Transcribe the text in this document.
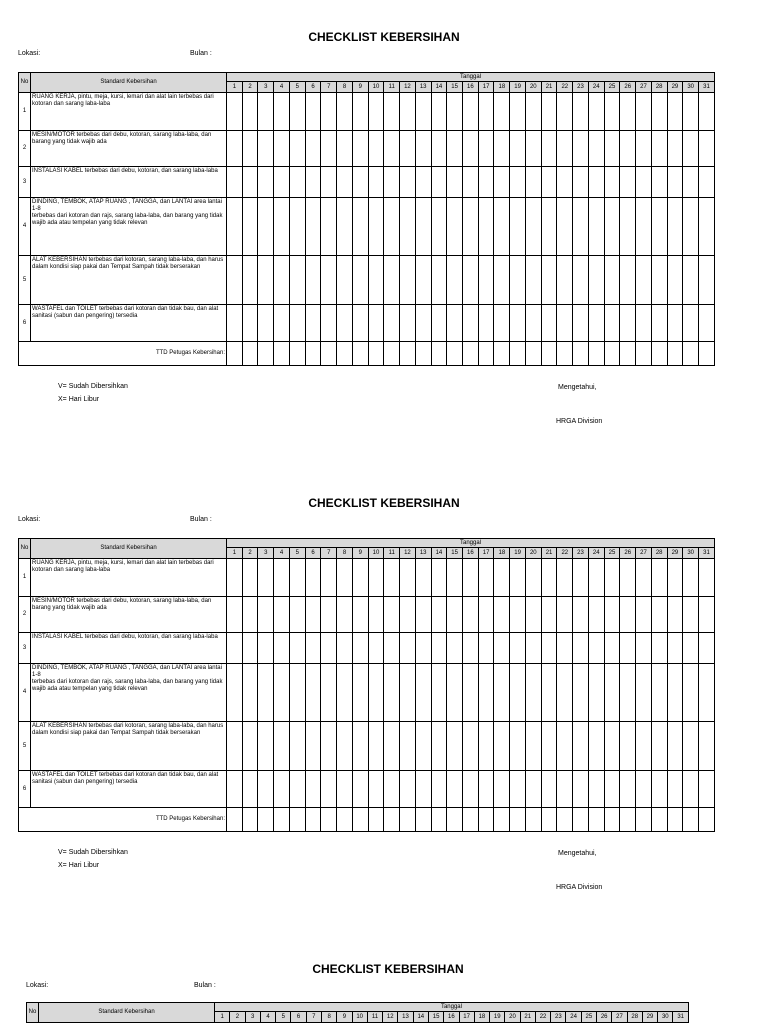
CHECKLIST KEBERSIHAN
Lokasi:	Bulan :
No	Standard Kebersihan	Tanggal																														
		1	2	3	4	5	6	7	8	9	10	11	12	13	14	15	16	17	18	19	20	21	22	23	24	25	26	27	28	29	30	31
1	RUANG KERJA, pintu, meja, kursi, lemari dan alat lain terbebas dari kotoran dan sarang laba-laba																															
2	MESIN/MOTOR terbebas dari debu, kotoran, sarang laba-laba, dan barang yang tidak wajib ada																															
3	INSTALASI KABEL terbebas dari debu, kotoran, dan sarang laba-laba																															
4	DINDING, TEMBOK, ATAP RUANG , TANGGA, dan LANTAI area lantai 1-8
terbebas dari kotoran dan rajs, sarang laba-laba, dan barang yang tidak wajib ada atau tempelan yang tidak relevan																															
5	ALAT KEBERSIHAN terbebas dari kotoran, sarang laba-laba, dan harus dalam kondisi siap pakai dan Tempat Sampah tidak berserakan																															
6	WASTAFEL dan TOILET terbebas dari kotoran dan tidak bau, dan alat sanitasi (sabun dan pengering) tersedia																															
TTD Petugas Kebersihan:																																
V= Sudah Dibersihkan
X= Hari Libur
Mengetahui,
HRGA Division
CHECKLIST KEBERSIHAN
Lokasi:	Bulan :
No	Standard Kebersihan	Tanggal																														
		1	2	3	4	5	6	7	8	9	10	11	12	13	14	15	16	17	18	19	20	21	22	23	24	25	26	27	28	29	30	31
1	RUANG KERJA, pintu, meja, kursi, lemari dan alat lain terbebas dari kotoran dan sarang laba-laba																															
2	MESIN/MOTOR terbebas dari debu, kotoran, sarang laba-laba, dan barang yang tidak wajib ada																															
3	INSTALASI KABEL terbebas dari debu, kotoran, dan sarang laba-laba																															
4	DINDING, TEMBOK, ATAP RUANG , TANGGA, dan LANTAI area lantai 1-8
terbebas dari kotoran dan rajs, sarang laba-laba, dan barang yang tidak wajib ada atau tempelan yang tidak relevan																															
5	ALAT KEBERSIHAN terbebas dari kotoran, sarang laba-laba, dan harus dalam kondisi siap pakai dan Tempat Sampah tidak berserakan																															
6	WASTAFEL dan TOILET terbebas dari kotoran dan tidak bau, dan alat sanitasi (sabun dan pengering) tersedia																															
TTD Petugas Kebersihan:																																
V= Sudah Dibersihkan
X= Hari Libur
Mengetahui,
HRGA Division
CHECKLIST KEBERSIHAN
Lokasi:	Bulan :
No	Standard Kebersihan	Tanggal																														
		1	2	3	4	5	6	7	8	9	10	11	12	13	14	15	16	17	18	19	20	21	22	23	24	25	26	27	28	29	30	31
